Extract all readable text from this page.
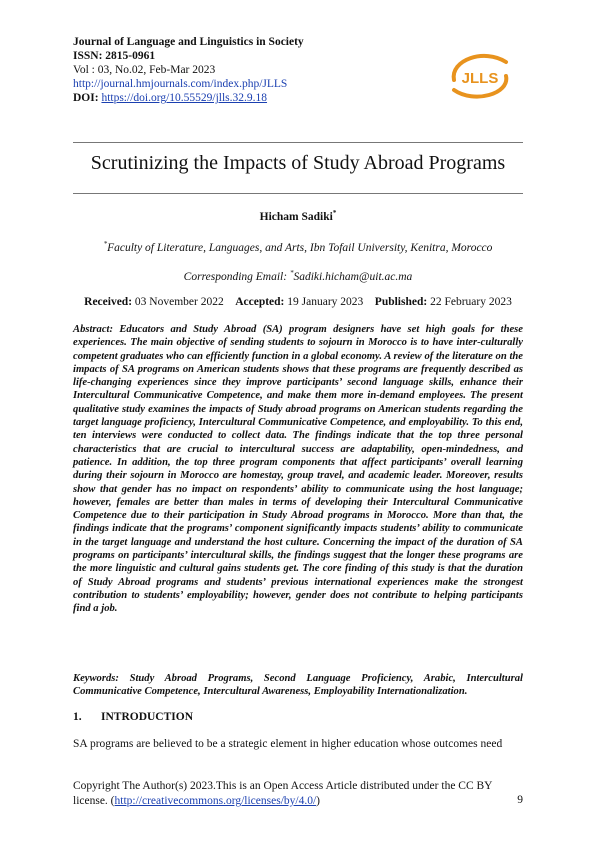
Journal of Language and Linguistics in Society
ISSN: 2815-0961
Vol : 03, No.02, Feb-Mar 2023
http://journal.hmjournals.com/index.php/JLLS
DOI: https://doi.org/10.55529/jlls.32.9.18
JLLS
Scrutinizing the Impacts of Study Abroad Programs
Hicham Sadiki*
*Faculty of Literature, Languages, and Arts, Ibn Tofail University, Kenitra, Morocco
Corresponding Email: *Sadiki.hicham@uit.ac.ma
Received: 03 November 2022 Accepted: 19 January 2023 Published: 22 February 2023
Abstract: Educators and Study Abroad (SA) program designers have set high goals for these experiences. The main objective of sending students to sojourn in Morocco is to have inter-culturally competent graduates who can efficiently function in a global economy. A review of the literature on the impacts of SA programs on American students shows that these programs are frequently described as life-changing experiences since they improve participants’ second language skills, enhance their Intercultural Communicative Competence, and make them more in-demand employees. The present qualitative study examines the impacts of Study abroad programs on American students regarding the target language proficiency, Intercultural Communicative Competence, and employability. To this end, ten interviews were conducted to collect data. The findings indicate that the top three personal characteristics that are crucial to intercultural success are adaptability, open-mindedness, and patience. In addition, the top three program components that affect participants’ overall learning during their sojourn in Morocco are homestay, group travel, and academic leader. Moreover, results show that gender has no impact on respondents’ ability to communicate using the host language; however, females are better than males in terms of developing their Intercultural Communicative Competence due to their participation in Study Abroad programs in Morocco. More than that, the findings indicate that the programs’ component significantly impacts students’ ability to communicate in the target language and understand the host culture. Concerning the impact of the duration of SA programs on participants’ intercultural skills, the findings suggest that the longer these programs are the more linguistic and cultural gains students get. The core finding of this study is that the duration of Study Abroad programs and students’ previous international experiences make the strongest contribution to students’ employability; however, gender does not contribute to helping participants find a job.
Keywords: Study Abroad Programs, Second Language Proficiency, Arabic, Intercultural Communicative Competence, Intercultural Awareness, Employability Internationalization.
1. INTRODUCTION
SA programs are believed to be a strategic element in higher education whose outcomes need
Copyright The Author(s) 2023.This is an Open Access Article distributed under the CC BY license. (http://creativecommons.org/licenses/by/4.0/)	9
